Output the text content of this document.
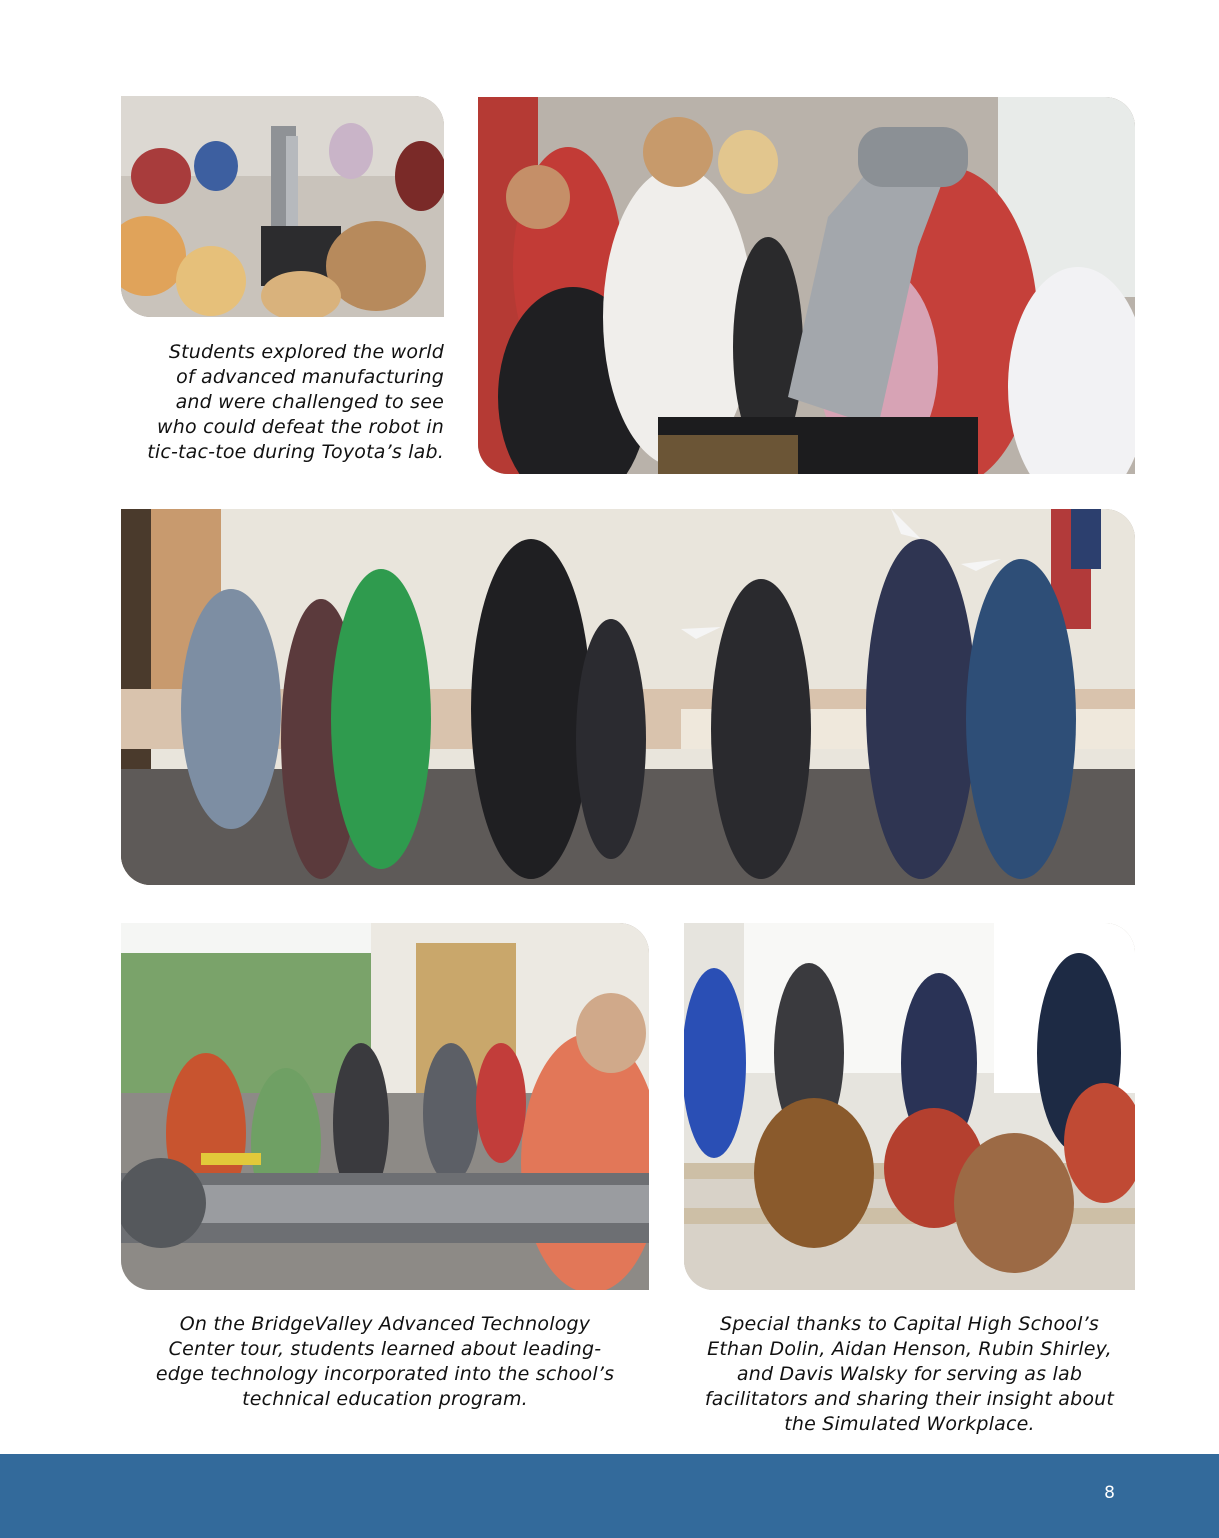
Students explored the world
of advanced manufacturing
and were challenged to see
who could defeat the robot in
tic-tac-toe during Toyota’s lab.
On the BridgeValley Advanced Technology
Center tour, students learned about leading-
edge technology incorporated into the school’s
technical education program.
Special thanks to Capital High School’s
Ethan Dolin, Aidan Henson, Rubin Shirley,
and Davis Walsky for serving as lab
facilitators and sharing their insight about
the Simulated Workplace.
8
